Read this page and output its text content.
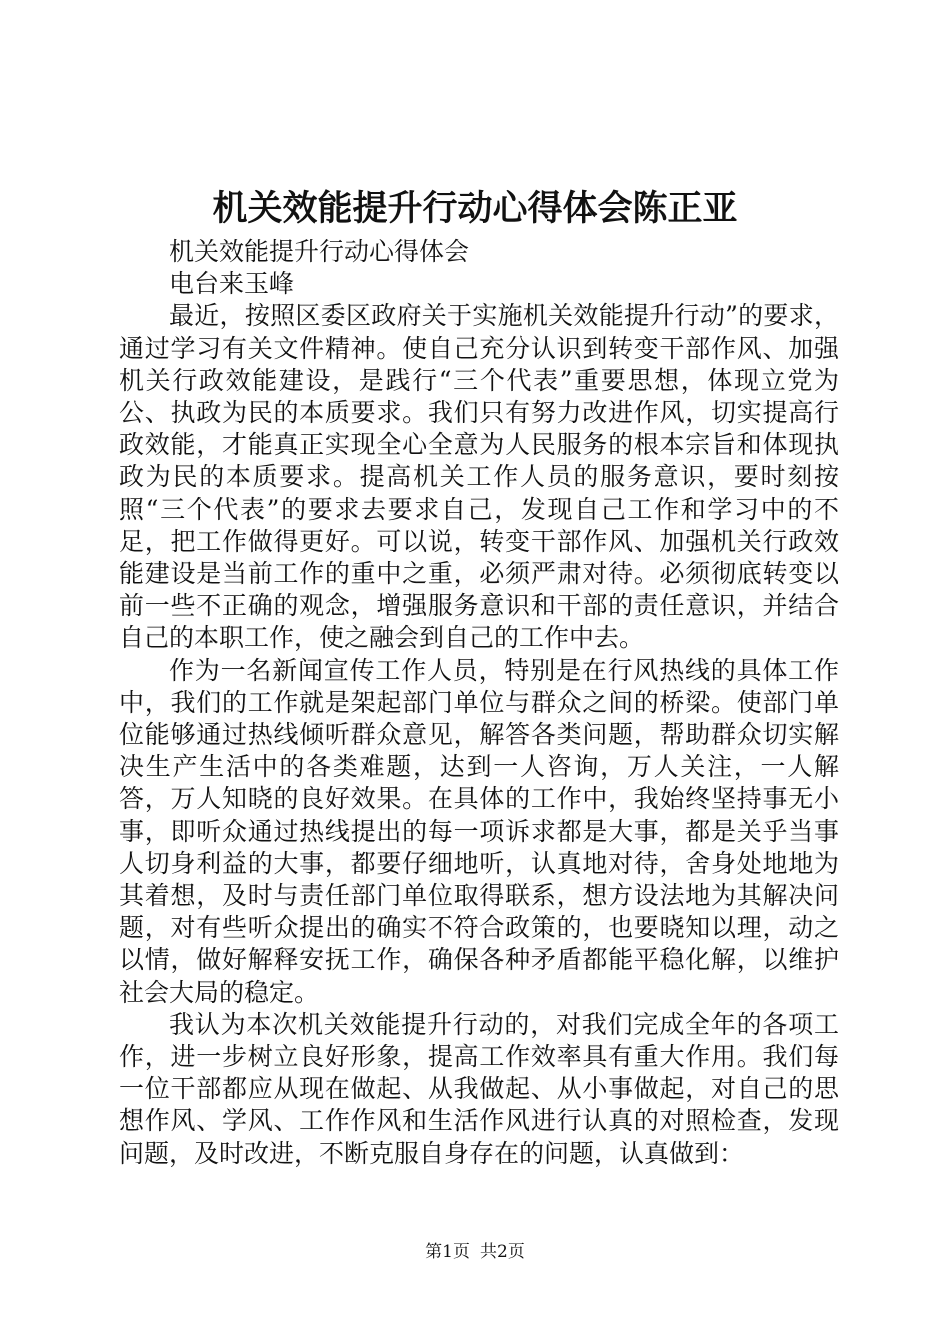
机关效能提升行动心得体会陈正亚

机关效能提升行动心得体会

电台来玉峰

最近，按照区委区政府关于实施机关效能提升行动”的要求，通过学习有关文件精神。使自己充分认识到转变干部作风、加强机关行政效能建设，是践行“三个代表”重要思想，体现立党为公、执政为民的本质要求。我们只有努力改进作风，切实提高行政效能，才能真正实现全心全意为人民服务的根本宗旨和体现执政为民的本质要求。提高机关工作人员的服务意识，要时刻按照“三个代表”的要求去要求自己，发现自己工作和学习中的不足，把工作做得更好。可以说，转变干部作风、加强机关行政效能建设是当前工作的重中之重，必须严肃对待。必须彻底转变以前一些不正确的观念，增强服务意识和干部的责任意识，并结合自己的本职工作，使之融会到自己的工作中去。

作为一名新闻宣传工作人员，特别是在行风热线的具体工作中，我们的工作就是架起部门单位与群众之间的桥梁。使部门单位能够通过热线倾听群众意见，解答各类问题，帮助群众切实解决生产生活中的各类难题，达到一人咨询，万人关注，一人解答，万人知晓的良好效果。在具体的工作中，我始终坚持事无小事，即听众通过热线提出的每一项诉求都是大事，都是关乎当事人切身利益的大事，都要仔细地听，认真地对待，舍身处地地为其着想，及时与责任部门单位取得联系，想方设法地为其解决问题，对有些听众提出的确实不符合政策的，也要晓知以理，动之以情，做好解释安抚工作，确保各种矛盾都能平稳化解，以维护社会大局的稳定。

我认为本次机关效能提升行动的，对我们完成全年的各项工作，进一步树立良好形象，提高工作效率具有重大作用。我们每一位干部都应从现在做起、从我做起、从小事做起，对自己的思想作风、学风、工作作风和生活作风进行认真的对照检查，发现问题，及时改进，不断克服自身存在的问题，认真做到：

第1页 共2页
